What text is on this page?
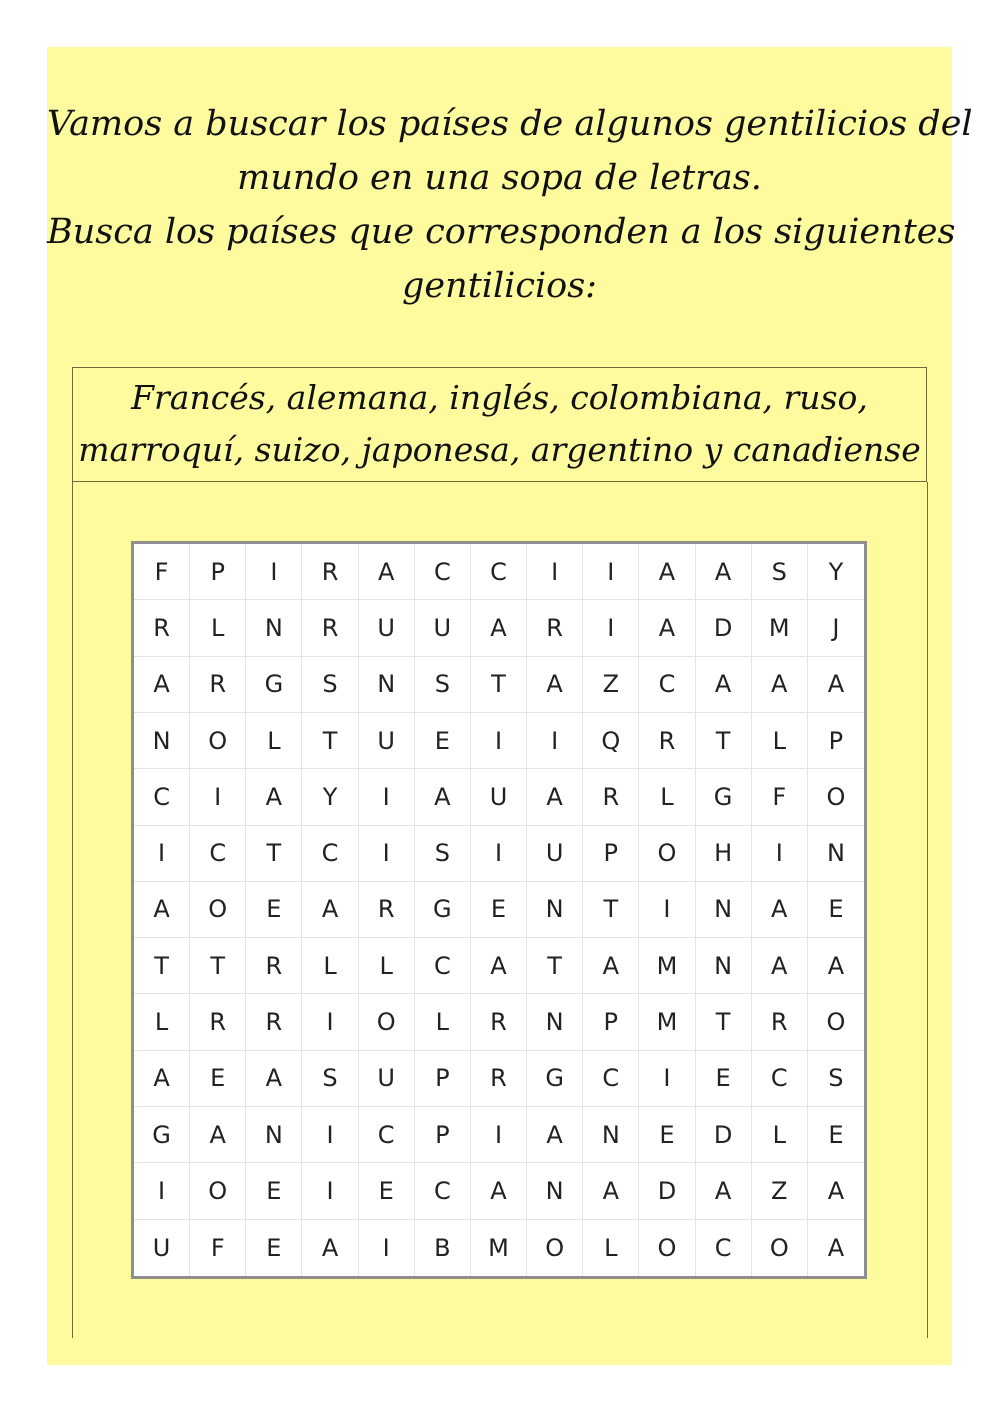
Vamos a buscar los países de algunos gentilicios del
mundo en una sopa de letras.
Busca los países que corresponden a los siguientes
gentilicios:
Francés, alemana, inglés, colombiana, ruso,
marroquí, suizo, japonesa, argentino y canadiense
F	P	I	R	A	C	C	I	I	A	A	S	Y
R	L	N	R	U	U	A	R	I	A	D	M	J
A	R	G	S	N	S	T	A	Z	C	A	A	A
N	O	L	T	U	E	I	I	Q	R	T	L	P
C	I	A	Y	I	A	U	A	R	L	G	F	O
I	C	T	C	I	S	I	U	P	O	H	I	N
A	O	E	A	R	G	E	N	T	I	N	A	E
T	T	R	L	L	C	A	T	A	M	N	A	A
L	R	R	I	O	L	R	N	P	M	T	R	O
A	E	A	S	U	P	R	G	C	I	E	C	S
G	A	N	I	C	P	I	A	N	E	D	L	E
I	O	E	I	E	C	A	N	A	D	A	Z	A
U	F	E	A	I	B	M	O	L	O	C	O	A
